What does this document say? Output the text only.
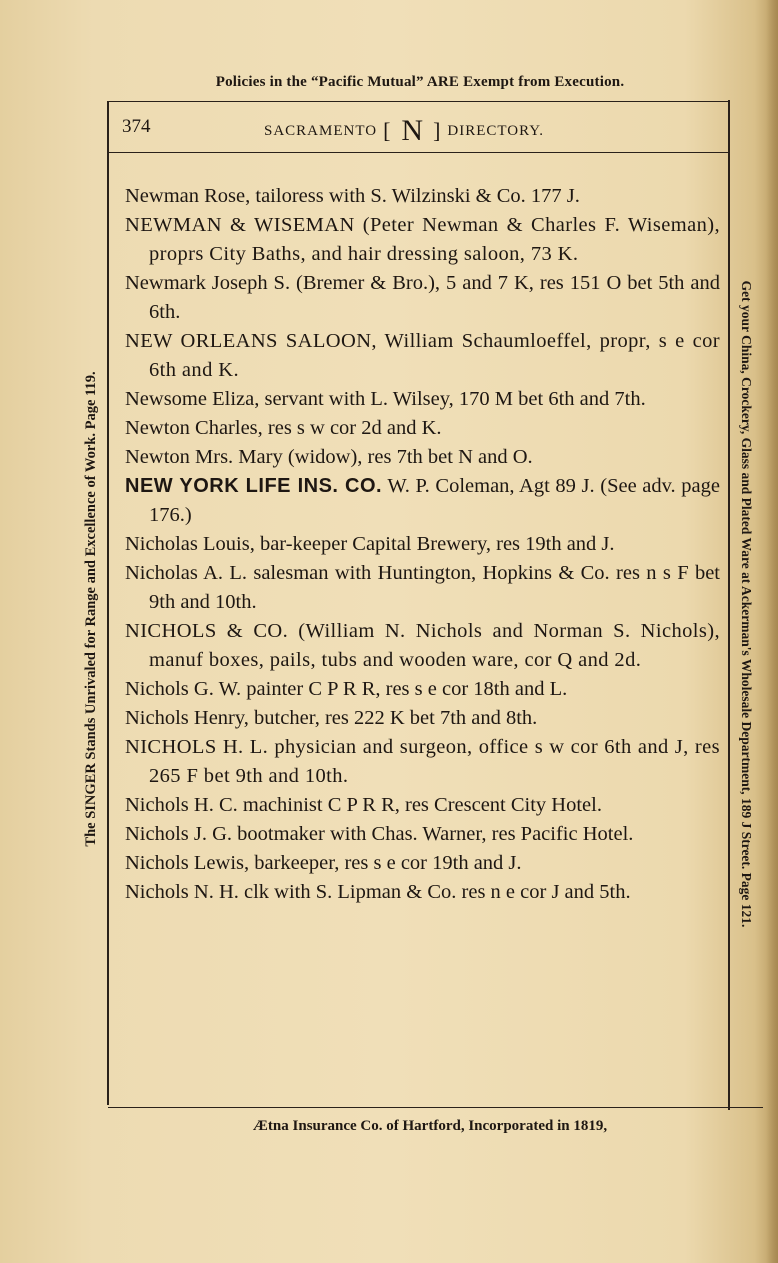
Policies in the “Pacific Mutual” ARE Exempt from Execution.
The SINGER Stands Unrivaled for Range and Excellence of Work. Page 119.	Get your China, Crockery, Glass and Plated Ware at Ackerman's Wholesale Department, 189 J Street. Page 121.
374	SACRAMENTO [ N ] DIRECTORY.
Newman Rose, tailoress with S. Wilzinski & Co. 177 J.
NEWMAN & WISEMAN (Peter Newman & Charles F. Wiseman), proprs City Baths, and hair dressing saloon, 73 K.
Newmark Joseph S. (Bremer & Bro.), 5 and 7 K, res 151 O bet 5th and 6th.
NEW ORLEANS SALOON, William Schaumloeffel, propr, s e cor 6th and K.
Newsome Eliza, servant with L. Wilsey, 170 M bet 6th and 7th.
Newton Charles, res s w cor 2d and K.
Newton Mrs. Mary (widow), res 7th bet N and O.
NEW YORK LIFE INS. CO. W. P. Coleman, Agt 89 J. (See adv. page 176.)
Nicholas Louis, bar-keeper Capital Brewery, res 19th and J.
Nicholas A. L. salesman with Huntington, Hopkins & Co. res n s F bet 9th and 10th.
NICHOLS & CO. (William N. Nichols and Norman S. Nichols), manuf boxes, pails, tubs and wooden ware, cor Q and 2d.
Nichols G. W. painter C P R R, res s e cor 18th and L.
Nichols Henry, butcher, res 222 K bet 7th and 8th.
NICHOLS H. L. physician and surgeon, office s w cor 6th and J, res 265 F bet 9th and 10th.
Nichols H. C. machinist C P R R, res Crescent City Hotel.
Nichols J. G. bootmaker with Chas. Warner, res Pacific Hotel.
Nichols Lewis, barkeeper, res s e cor 19th and J.
Nichols N. H. clk with S. Lipman & Co. res n e cor J and 5th.
Ætna Insurance Co. of Hartford, Incorporated in 1819,
